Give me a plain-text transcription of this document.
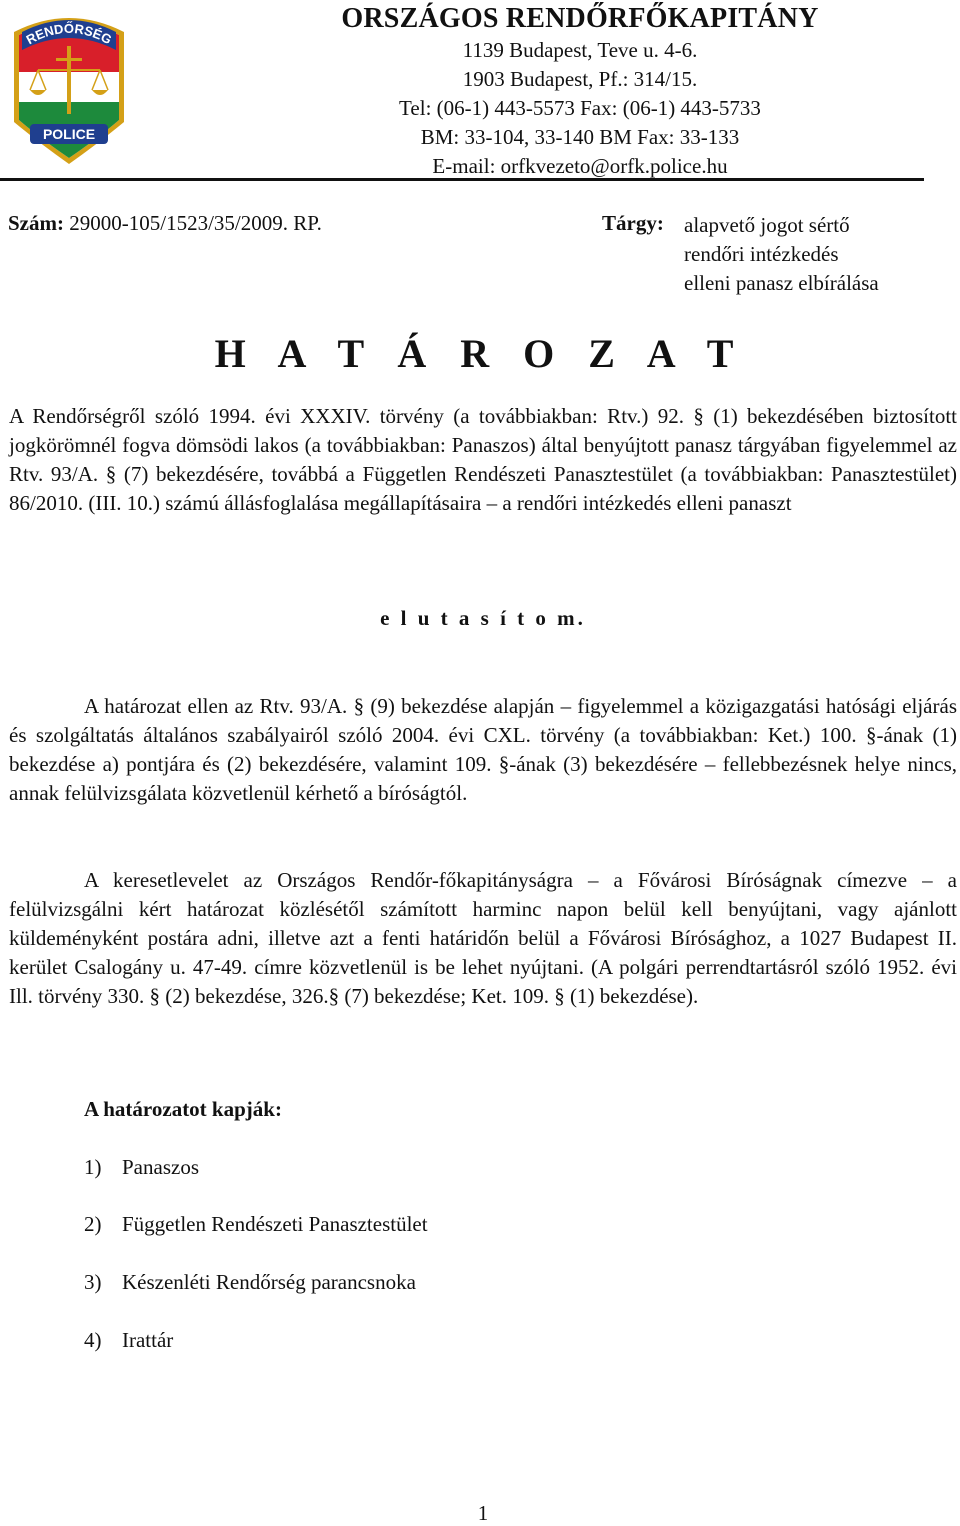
RENDŐRSÉG
POLICE
ORSZÁGOS RENDŐRFŐKAPITÁNY
1139 Budapest, Teve u. 4-6.
1903 Budapest, Pf.: 314/15.
Tel: (06-1) 443-5573 Fax: (06-1) 443-5733
BM: 33-104, 33-140 BM Fax: 33-133
E-mail: orfkvezeto@orfk.police.hu
Szám: 29000-105/1523/35/2009. RP.	Tárgy: alapvető jogot sértő
rendőri intézkedés
elleni panasz elbírálása
H A T Á R O Z A T
A Rendőrségről szóló 1994. évi XXXIV. törvény (a továbbiakban: Rtv.) 92. § (1) bekezdésében biztosított jogkörömnél fogva dömsödi lakos (a továbbiakban: Panaszos) által benyújtott panasz tárgyában figyelemmel az Rtv. 93/A. § (7) bekezdésére, továbbá a Független Rendészeti Panasztestület (a továbbiakban: Panasztestület) 86/2010. (III. 10.) számú állásfoglalása megállapításaira – a rendőri intézkedés elleni panaszt
e l u t a s í t o m.
A határozat ellen az Rtv. 93/A. § (9) bekezdése alapján – figyelemmel a közigazgatási hatósági eljárás és szolgáltatás általános szabályairól szóló 2004. évi CXL. törvény (a továbbiakban: Ket.) 100. §-ának (1) bekezdése a) pontjára és (2) bekezdésére, valamint 109. §-ának (3) bekezdésére – fellebbezésnek helye nincs, annak felülvizsgálata közvetlenül kérhető a bíróságtól.
A keresetlevelet az Országos Rendőr-főkapitányságra – a Fővárosi Bíróságnak címezve – a felülvizsgálni kért határozat közlésétől számított harminc napon belül kell benyújtani, vagy ajánlott küldeményként postára adni, illetve azt a fenti határidőn belül a Fővárosi Bírósághoz, a 1027 Budapest II. kerület Csalogány u. 47-49. címre közvetlenül is be lehet nyújtani. (A polgári perrendtartásról szóló 1952. évi Ill. törvény 330. § (2) bekezdése, 326.§ (7) bekezdése; Ket. 109. § (1) bekezdése).
A határozatot kapják:
1) Panaszos
2) Független Rendészeti Panasztestület
3) Készenléti Rendőrség parancsnoka
4) Irattár
1
